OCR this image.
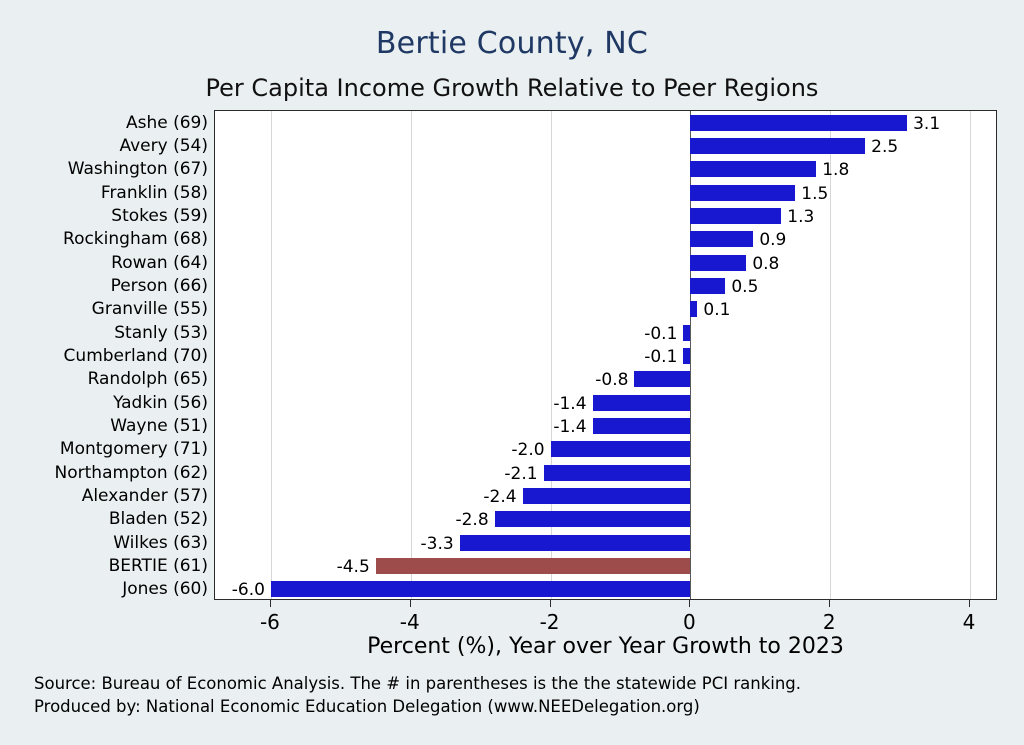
Bertie County, NC
Per Capita Income Growth Relative to Peer Regions
Ashe (69)
Avery (54)
Washington (67)
Franklin (58)
Stokes (59)
Rockingham (68)
Rowan (64)
Person (66)
Granville (55)
Stanly (53)
Cumberland (70)
Randolph (65)
Yadkin (56)
Wayne (51)
Montgomery (71)
Northampton (62)
Alexander (57)
Bladen (52)
Wilkes (63)
BERTIE (61)
Jones (60)
3.1
2.5
1.8
1.5
1.3
0.9
0.8
0.5
0.1
-0.1
-0.1
-0.8
-1.4
-1.4
-2.0
-2.1
-2.4
-2.8
-3.3
-4.5
-6.0
-6	-4	-2	0	2	4
Percent (%), Year over Year Growth to 2023
Source: Bureau of Economic Analysis. The # in parentheses is the the statewide PCI ranking.
Produced by: National Economic Education Delegation (www.NEEDelegation.org)
